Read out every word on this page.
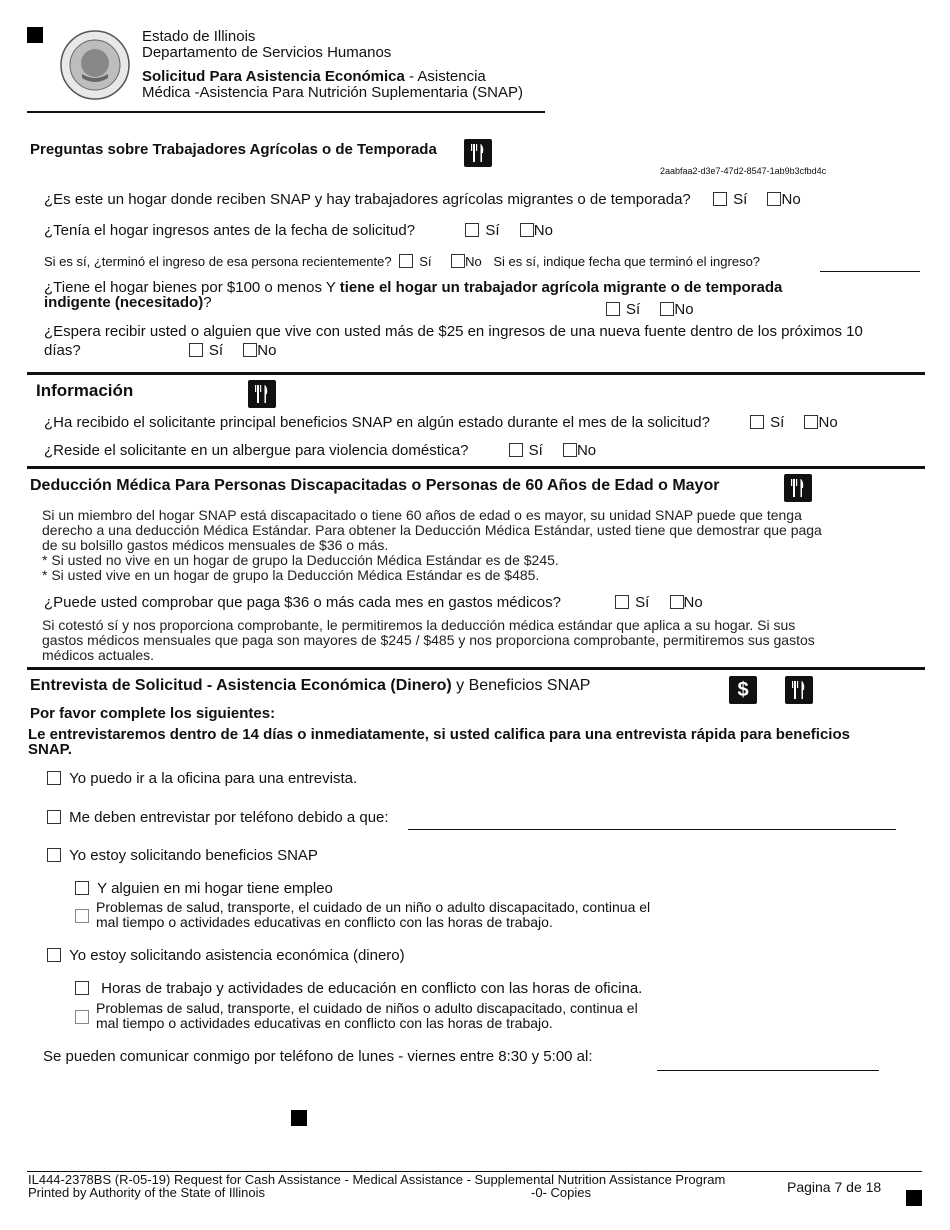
Estado de Illinois
Departamento de Servicios Humanos
Solicitud Para Asistencia Económica - Asistencia
Médica -Asistencia Para Nutrición Suplementaria (SNAP)
Preguntas sobre Trabajadores Agrícolas o de Temporada
2aabfaa2-d3e7-47d2-8547-1ab9b3cfbd4c
¿Es este un hogar donde reciben SNAP y hay trabajadores agrícolas migrantes o de temporada?	Sí No
¿Tenía el hogar ingresos antes de la fecha de solicitud?	Sí No
Si es sí, ¿terminó el ingreso de esa persona recientemente? Sí	No Si es sí, indique fecha que terminó el ingreso?
¿Tiene el hogar bienes por $100 o menos Y tiene el hogar un trabajador agrícola migrante o de temporada
indigente (necesitado)?	Sí No
¿Espera recibir usted o alguien que vive con usted más de $25 en ingresos de una nueva fuente dentro de los próximos 10
días?	Sí No
Información
¿Ha recibido el solicitante principal beneficios SNAP en algún estado durante el mes de la solicitud?	Sí No
¿Reside el solicitante en un albergue para violencia doméstica?	Sí No
Deducción Médica Para Personas Discapacitadas o Personas de 60 Años de Edad o Mayor
Si un miembro del hogar SNAP está discapacitado o tiene 60 años de edad o es mayor, su unidad SNAP puede que tenga
derecho a una deducción Médica Estándar. Para obtener la Deducción Médica Estándar, usted tiene que demostrar que paga
de su bolsillo gastos médicos mensuales de $36 o más.
* Si usted no vive en un hogar de grupo la Deducción Médica Estándar es de $245.
* Si usted vive en un hogar de grupo la Deducción Médica Estándar es de $485.
¿Puede usted comprobar que paga $36 o más cada mes en gastos médicos?	Sí No
Si cotestó sí y nos proporciona comprobante, le permitiremos la deducción médica estándar que aplica a su hogar. Si sus
gastos médicos mensuales que paga son mayores de $245 / $485 y nos proporciona comprobante, permitiremos sus gastos
médicos actuales.
Entrevista de Solicitud - Asistencia Económica (Dinero) y Beneficios SNAP	$
Por favor complete los siguientes:
Le entrevistaremos dentro de 14 días o inmediatamente, si usted califica para una entrevista rápida para beneficios
SNAP.
Yo puedo ir a la oficina para una entrevista.
Me deben entrevistar por teléfono debido a que:
Yo estoy solicitando beneficios SNAP
Y alguien en mi hogar tiene empleo
Problemas de salud, transporte, el cuidado de un niño o adulto discapacitado, continua el
mal tiempo o actividades educativas en conflicto con las horas de trabajo.
Yo estoy solicitando asistencia económica (dinero)
Horas de trabajo y actividades de educación en conflicto con las horas de oficina.
Problemas de salud, transporte, el cuidado de niños o adulto discapacitado, continua el
mal tiempo o actividades educativas en conflicto con las horas de trabajo.
Se pueden comunicar conmigo por teléfono de lunes - viernes entre 8:30 y 5:00 al:
IL444-2378BS (R-05-19) Request for Cash Assistance - Medical Assistance - Supplemental Nutrition Assistance Program
Printed by Authority of the State of Illinois	-0- Copies	Pagina 7 de 18
